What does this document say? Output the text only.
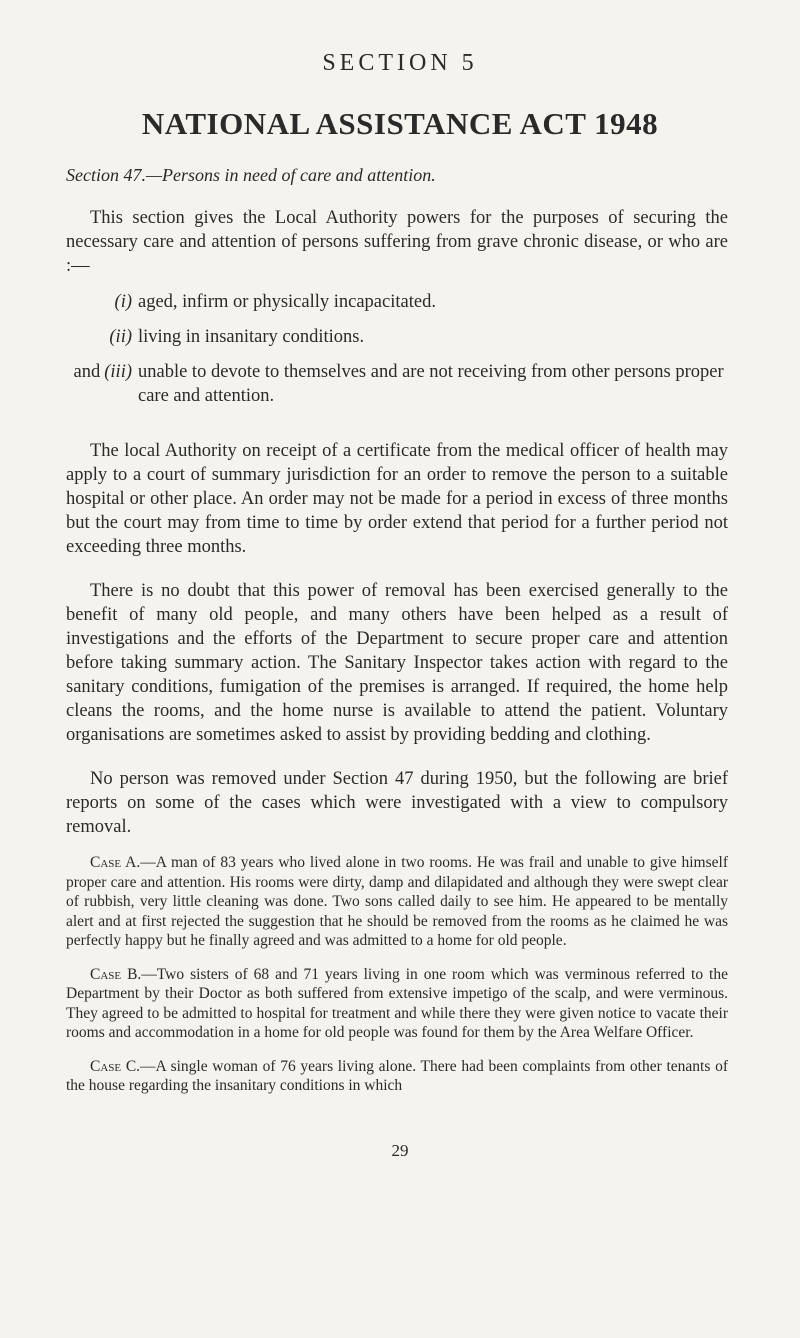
SECTION 5
NATIONAL ASSISTANCE ACT 1948

Section 47.—Persons in need of care and attention.

This section gives the Local Authority powers for the purposes of securing the necessary care and attention of persons suffering from grave chronic disease, or who are :—

(i) aged, infirm or physically incapacitated.
(ii) living in insanitary conditions.
and (iii) unable to devote to themselves and are not receiving from other persons proper care and attention.

The local Authority on receipt of a certificate from the medical officer of health may apply to a court of summary jurisdiction for an order to remove the person to a suitable hospital or other place. An order may not be made for a period in excess of three months but the court may from time to time by order extend that period for a further period not exceeding three months.

There is no doubt that this power of removal has been exercised generally to the benefit of many old people, and many others have been helped as a result of investigations and the efforts of the Department to secure proper care and attention before taking summary action. The Sanitary Inspector takes action with regard to the sanitary conditions, fumigation of the premises is arranged. If required, the home help cleans the rooms, and the home nurse is available to attend the patient. Voluntary organisations are sometimes asked to assist by providing bedding and clothing.

No person was removed under Section 47 during 1950, but the following are brief reports on some of the cases which were investigated with a view to compulsory removal.

Case A.—A man of 83 years who lived alone in two rooms. He was frail and unable to give himself proper care and attention. His rooms were dirty, damp and dilapidated and although they were swept clear of rubbish, very little cleaning was done. Two sons called daily to see him. He appeared to be mentally alert and at first rejected the suggestion that he should be removed from the rooms as he claimed he was perfectly happy but he finally agreed and was admitted to a home for old people.

Case B.—Two sisters of 68 and 71 years living in one room which was verminous referred to the Department by their Doctor as both suffered from extensive impetigo of the scalp, and were verminous. They agreed to be admitted to hospital for treatment and while there they were given notice to vacate their rooms and accommodation in a home for old people was found for them by the Area Welfare Officer.

Case C.—A single woman of 76 years living alone. There had been complaints from other tenants of the house regarding the insanitary conditions in which

29
